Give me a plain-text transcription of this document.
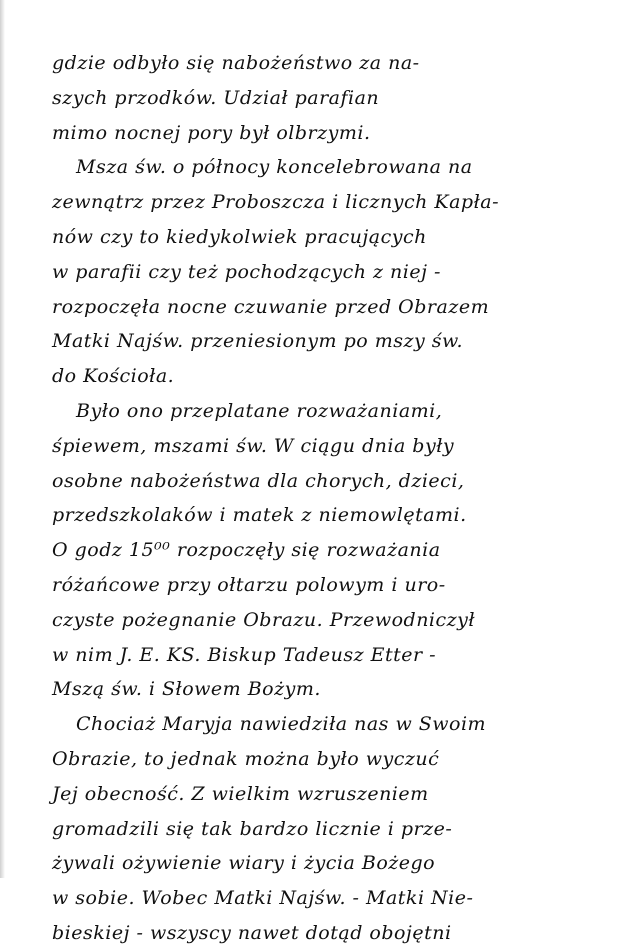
gdzie odbyło się nabożeństwo za na-
szych przodków. Udział parafian
mimo nocnej pory był olbrzymi.
Msza św. o północy koncelebrowana na
zewnątrz przez Proboszcza i licznych Kapła-
nów czy to kiedykolwiek pracujących
w parafii czy też pochodzących z niej -
rozpoczęła nocne czuwanie przed Obrazem
Matki Najśw. przeniesionym po mszy św.
do Kościoła.
Było ono przeplatane rozważaniami,
śpiewem, mszami św. W ciągu dnia były
osobne nabożeństwa dla chorych, dzieci,
przedszkolaków i matek z niemowlętami.
O godz 15⁰⁰ rozpoczęły się rozważania
różańcowe przy ołtarzu polowym i uro-
czyste pożegnanie Obrazu. Przewodniczył
w nim J. E. KS. Biskup Tadeusz Etter -
Mszą św. i Słowem Bożym.
Chociaż Maryja nawiedziła nas w Swoim
Obrazie, to jednak można było wyczuć
Jej obecność. Z wielkim wzruszeniem
gromadzili się tak bardzo licznie i prze-
żywali ożywienie wiary i życia Bożego
w sobie. Wobec Matki Najśw. - Matki Nie-
bieskiej - wszyscy nawet dotąd obojętni
